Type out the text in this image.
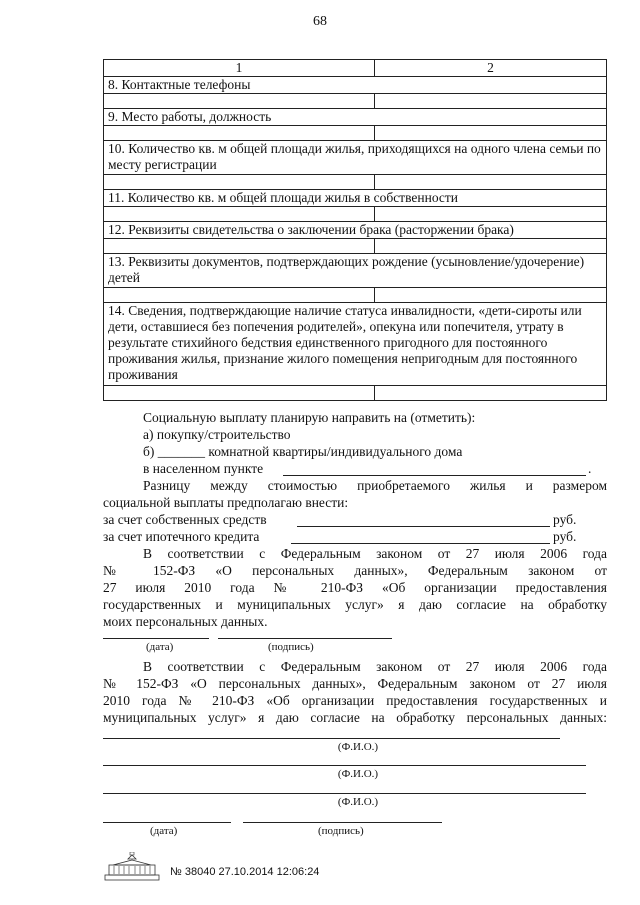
68
1	2
8. Контактные телефоны	

9. Место работы, должность	

10. Количество кв. м общей площади жилья, приходящихся на одного члена семьи по месту регистрации	

11. Количество кв. м общей площади жилья в собственности	

12. Реквизиты свидетельства о заключении брака (расторжении брака)	

13. Реквизиты документов, подтверждающих рождение (усыновление/удочерение) детей	

14. Сведения, подтверждающие наличие статуса инвалидности, «дети-сироты или дети, оставшиеся без попечения родителей», опекуна или попечителя, утрату в результате стихийного бедствия единственного пригодного для постоянного проживания жилья, признание жилого помещения непригодным для постоянного проживания	

Социальную выплату планирую направить на (отметить):
а) покупку/строительство
б) _______ комнатной квартиры/индивидуального дома
в населенном пункте	.
Разницу между стоимостью приобретаемого жилья и размером
социальной выплаты предполагаю внести:
за счет собственных средств	руб.
за счет ипотечного кредита	руб.
В соответствии с Федеральным законом от 27 июля 2006 года
№ 152-ФЗ «О персональных данных», Федеральным законом от
27 июля 2010 года № 210-ФЗ «Об организации предоставления
государственных и муниципальных услуг» я даю согласие на обработку
моих персональных данных.
(дата)	(подпись)
В соответствии с Федеральным законом от 27 июля 2006 года
№ 152-ФЗ «О персональных данных», Федеральным законом от 27 июля
2010 года № 210-ФЗ «Об организации предоставления государственных и
муниципальных услуг» я даю согласие на обработку персональных данных:
(Ф.И.О.)
(Ф.И.О.)
(Ф.И.О.)
(дата)	(подпись)
№ 38040 27.10.2014 12:06:24
